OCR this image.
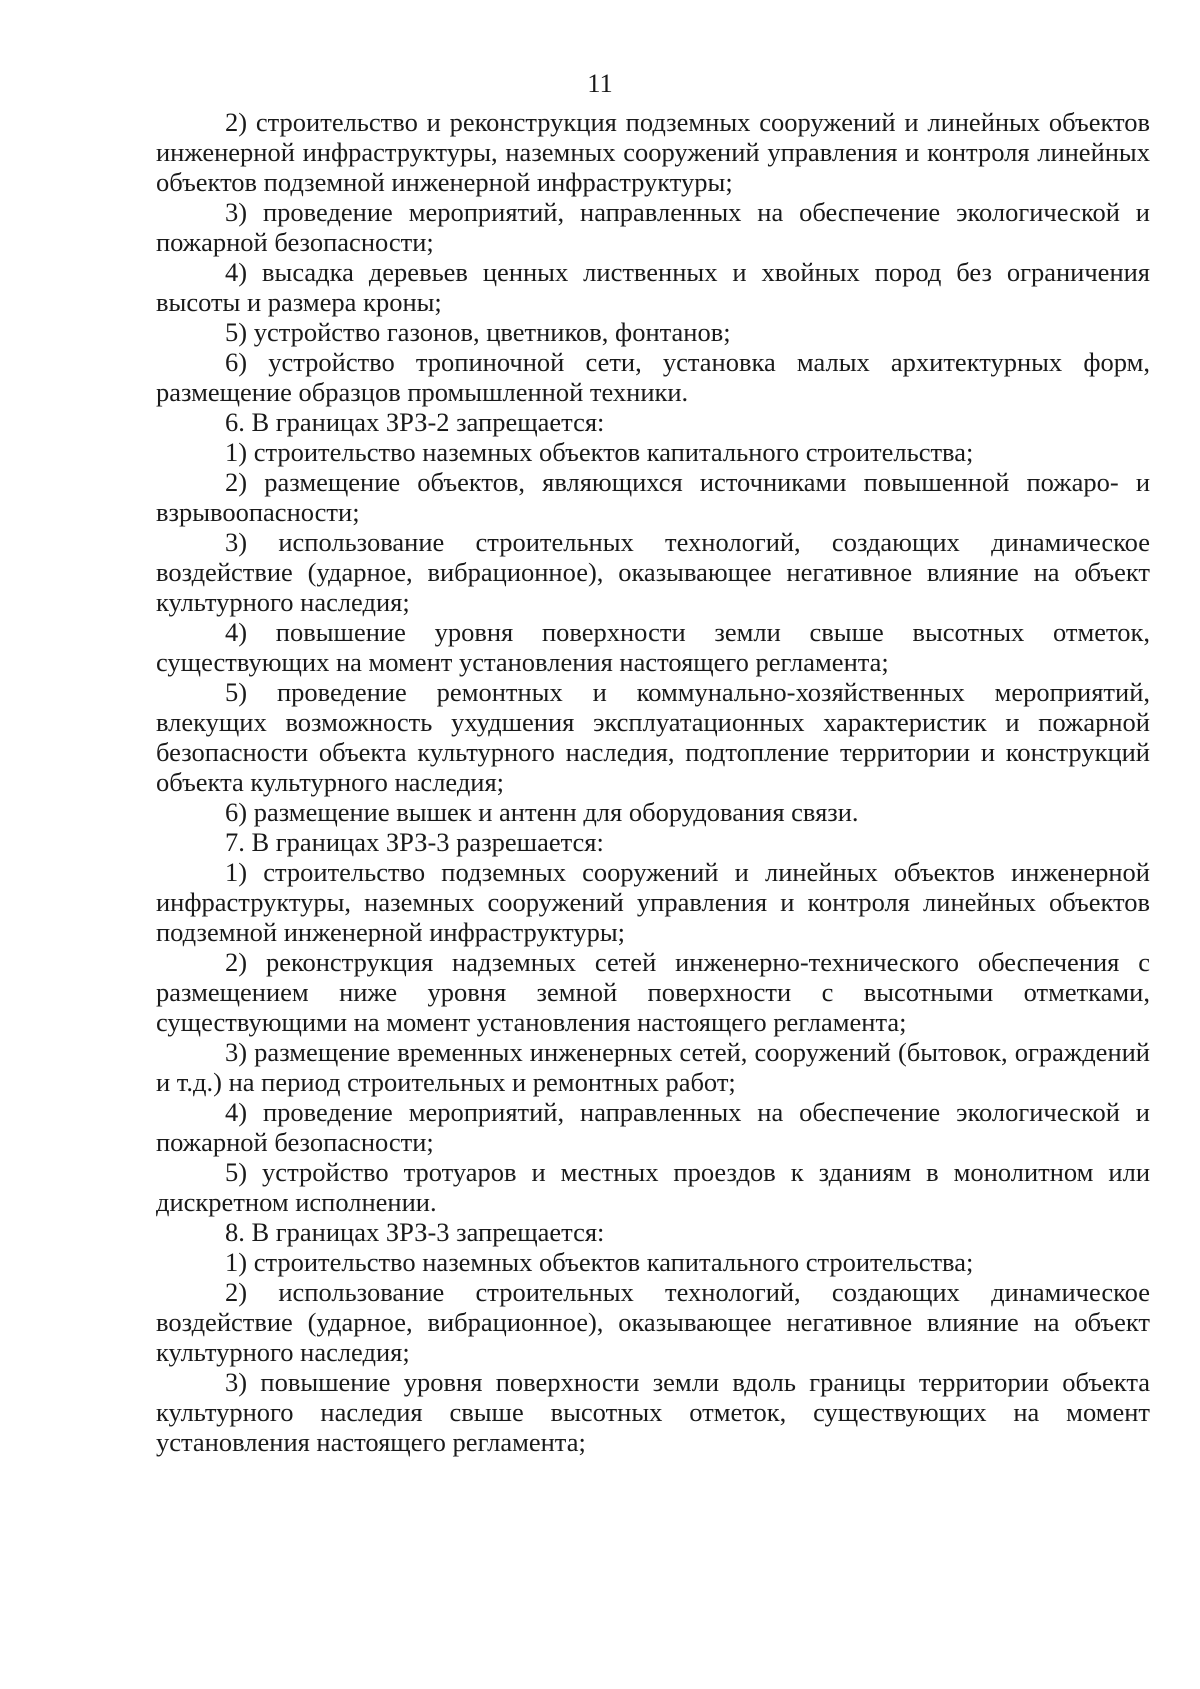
11

2) строительство и реконструкция подземных сооружений и линейных объектов инженерной инфраструктуры, наземных сооружений управления и контроля линейных объектов подземной инженерной инфраструктуры;

3) проведение мероприятий, направленных на обеспечение экологической и пожарной безопасности;

4) высадка деревьев ценных лиственных и хвойных пород без ограничения высоты и размера кроны;

5) устройство газонов, цветников, фонтанов;

6) устройство тропиночной сети, установка малых архитектурных форм, размещение образцов промышленной техники.

6. В границах ЗРЗ-2 запрещается:

1) строительство наземных объектов капитального строительства;

2) размещение объектов, являющихся источниками повышенной пожаро- и взрывоопасности;

3) использование строительных технологий, создающих динамическое воздействие (ударное, вибрационное), оказывающее негативное влияние на объект культурного наследия;

4) повышение уровня поверхности земли свыше высотных отметок, существующих на момент установления настоящего регламента;

5) проведение ремонтных и коммунально-хозяйственных мероприятий, влекущих возможность ухудшения эксплуатационных характеристик и пожарной безопасности объекта культурного наследия, подтопление территории и конструкций объекта культурного наследия;

6) размещение вышек и антенн для оборудования связи.

7. В границах ЗРЗ-3 разрешается:

1) строительство подземных сооружений и линейных объектов инженерной инфраструктуры, наземных сооружений управления и контроля линейных объектов подземной инженерной инфраструктуры;

2) реконструкция надземных сетей инженерно-технического обеспечения с размещением ниже уровня земной поверхности с высотными отметками, существующими на момент установления настоящего регламента;

3) размещение временных инженерных сетей, сооружений (бытовок, ограждений и т.д.) на период строительных и ремонтных работ;

4) проведение мероприятий, направленных на обеспечение экологической и пожарной безопасности;

5) устройство тротуаров и местных проездов к зданиям в монолитном или дискретном исполнении.

8. В границах ЗРЗ-3 запрещается:

1) строительство наземных объектов капитального строительства;

2) использование строительных технологий, создающих динамическое воздействие (ударное, вибрационное), оказывающее негативное влияние на объект культурного наследия;

3) повышение уровня поверхности земли вдоль границы территории объекта культурного наследия свыше высотных отметок, существующих на момент установления настоящего регламента;
